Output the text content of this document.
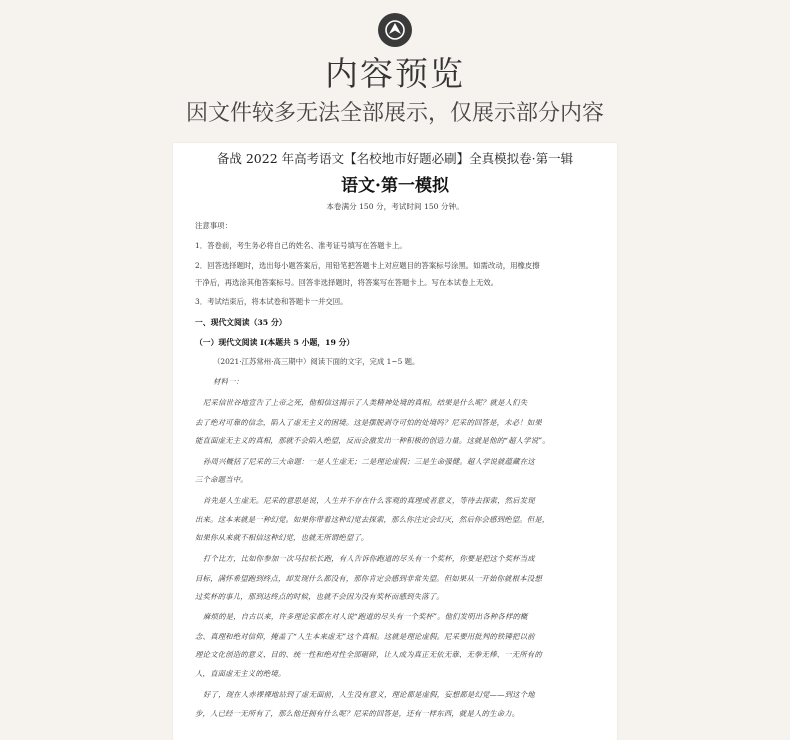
内容预览
因文件较多无法全部展示，仅展示部分内容
备战 2022 年高考语文【名校地市好题必刷】全真模拟卷·第一辑
语文·第一模拟
本卷满分 150 分，考试时间 150 分钟。
注意事项：
1．答卷前，考生务必将自己的姓名、准考证号填写在答题卡上。
2．回答选择题时，选出每小题答案后，用铅笔把答题卡上对应题目的答案标号涂黑。如需改动，用橡皮擦
干净后，再选涂其他答案标号。回答非选择题时，将答案写在答题卡上。写在本试卷上无效。
3．考试结束后，将本试卷和答题卡一并交回。
一、现代文阅读（35 分）
（一）现代文阅读 I(本题共 5 小题，19 分）
（2021·江苏常州·高三期中）阅读下面的文字，完成 1~5 题。
材料一：
尼采信世谷地宣告了上帝之死，他相信这揭示了人类精神处境的真相。结果是什么呢？就是人们失
去了绝对可靠的信念，陷入了虚无主义的困境。这是摆脱剥夺可怕的处境吗？尼采的回答是，未必！如果
能直面虚无主义的真相，那就不会陷入绝望，反而会激发出一种积极的创造力量。这就是他的“超人学说”。
孙周兴概括了尼采的三大命题：一是人生虚无；二是理论虚假；三是生命强健。超人学说就蕴藏在这
三个命题当中。
首先是人生虚无。尼采的意思是说，人生并不存在什么客观的真理或者意义，等待去探索，然后发现
出来。这本来就是一种幻觉。如果你带着这种幻觉去探索，那么你注定会幻灭，然后你会感到绝望。但是，
如果你从来就不相信这种幻觉，也就无所谓绝望了。
打个比方，比如你参加一次马拉松长跑，有人告诉你跑道的尽头有一个奖杯，你要是把这个奖杯当成
目标，满怀希望跑到终点，却发现什么都没有，那你肯定会感到非常失望。但如果从一开始你就根本没想
过奖杯的事儿，那到达终点的时候，也就不会因为没有奖杯而感到失落了。
麻烦的是，自古以来，许多理论家都在对人说“跑道的尽头有一个奖杯”。他们发明出各种各样的概
念、真理和绝对信仰，掩盖了“人生本来虚无”这个真相。这就是理论虚假。尼采要用批判的铁锤把以前
理论文化创造的意义、目的、统一性和绝对性全部砸碎，让人成为真正无依无靠、无拳无棒、一无所有的
人，直面虚无主义的绝境。
好了，现在人赤裸裸地站到了虚无面前，人生没有意义，理论都是虚假，妄想都是幻觉——到这个地
步，人已经一无所有了，那么他还拥有什么呢？尼采的回答是，还有一样东西，就是人的生命力。
